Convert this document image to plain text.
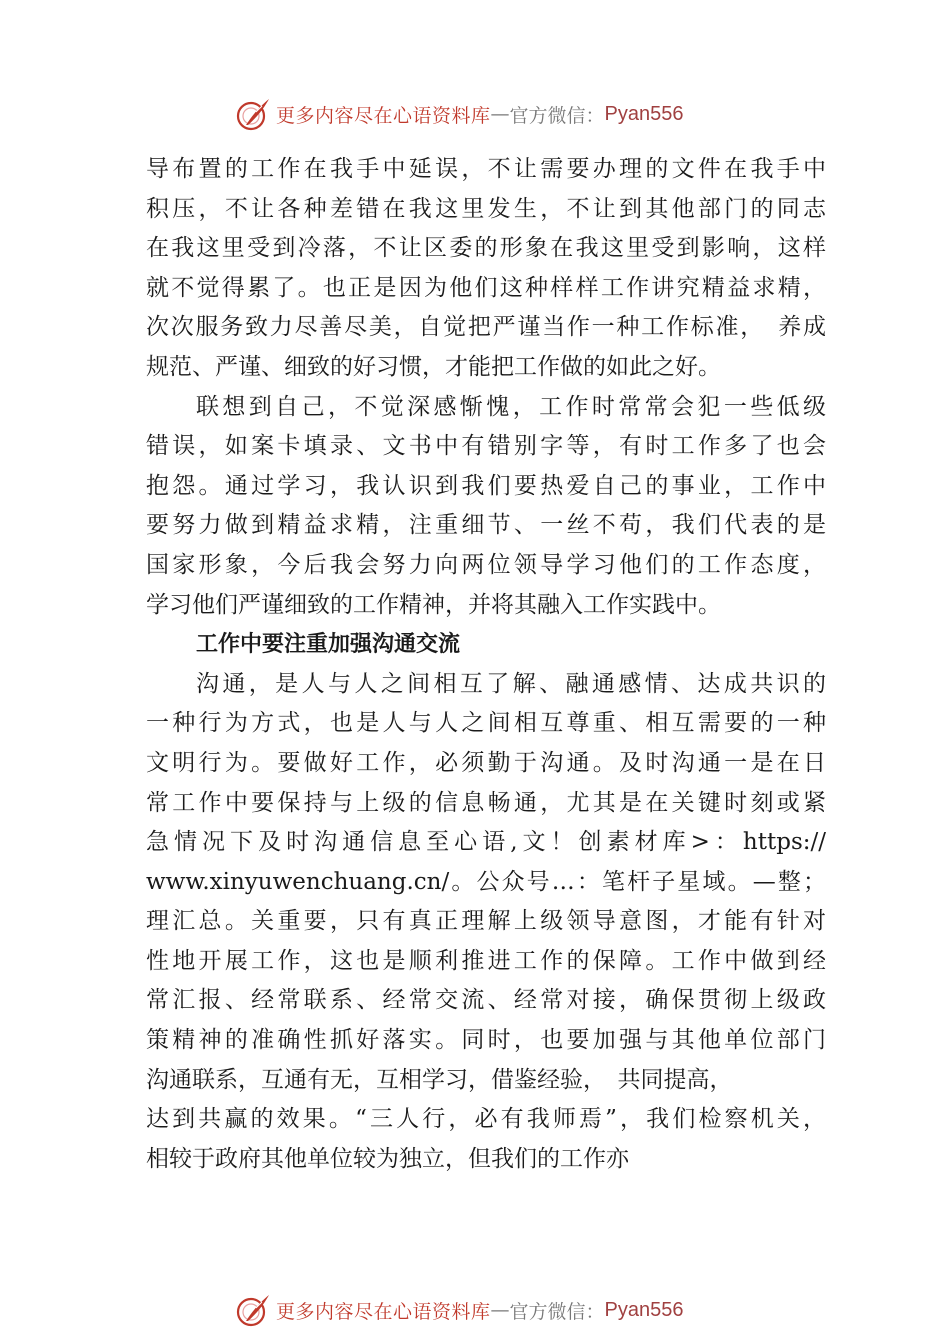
更多内容尽在心语资料库 — 官方微信： Pyan556
导布置的工作在我手中延误，不让需要办理的文件在我手中
积压，不让各种差错在我这里发生，不让到其他部门的同志
在我这里受到冷落，不让区委的形象在我这里受到影响，这样
就不觉得累了。也正是因为他们这种样样工作讲究精益求精，
次次服务致力尽善尽美，自觉把严谨当作一种工作标准，　养成
规范、严谨、细致的好习惯，才能把工作做的如此之好。
联想到自己，不觉深感惭愧，工作时常常会犯一些低级
错误，如案卡填录、文书中有错别字等，有时工作多了也会
抱怨。通过学习，我认识到我们要热爱自己的事业，工作中
要努力做到精益求精，注重细节、一丝不苟，我们代表的是
国家形象，今后我会努力向两位领导学习他们的工作态度，
学习他们严谨细致的工作精神，并将其融入工作实践中。
工作中要注重加强沟通交流
沟通，是人与人之间相互了解、融通感情、达成共识的
一种行为方式，也是人与人之间相互尊重、相互需要的一种
文明行为。要做好工作，必须勤于沟通。及时沟通一是在日
常工作中要保持与上级的信息畅通，尤其是在关键时刻或紧
急情况下及时沟通信息至心语,文！创素材库>：https://
www.xinyuwenchuang.cn/。公众号…：笔杆子星域。—整；
理汇总。关重要，只有真正理解上级领导意图，才能有针对
性地开展工作，这也是顺利推进工作的保障。工作中做到经
常汇报、经常联系、经常交流、经常对接，确保贯彻上级政
策精神的准确性抓好落实。同时，也要加强与其他单位部门
沟通联系，互通有无，互相学习，借鉴经验，　共同提高，
达到共赢的效果。“三人行，必有我师焉”，我们检察机关，
相较于政府其他单位较为独立，但我们的工作亦
更多内容尽在心语资料库 — 官方微信： Pyan556
